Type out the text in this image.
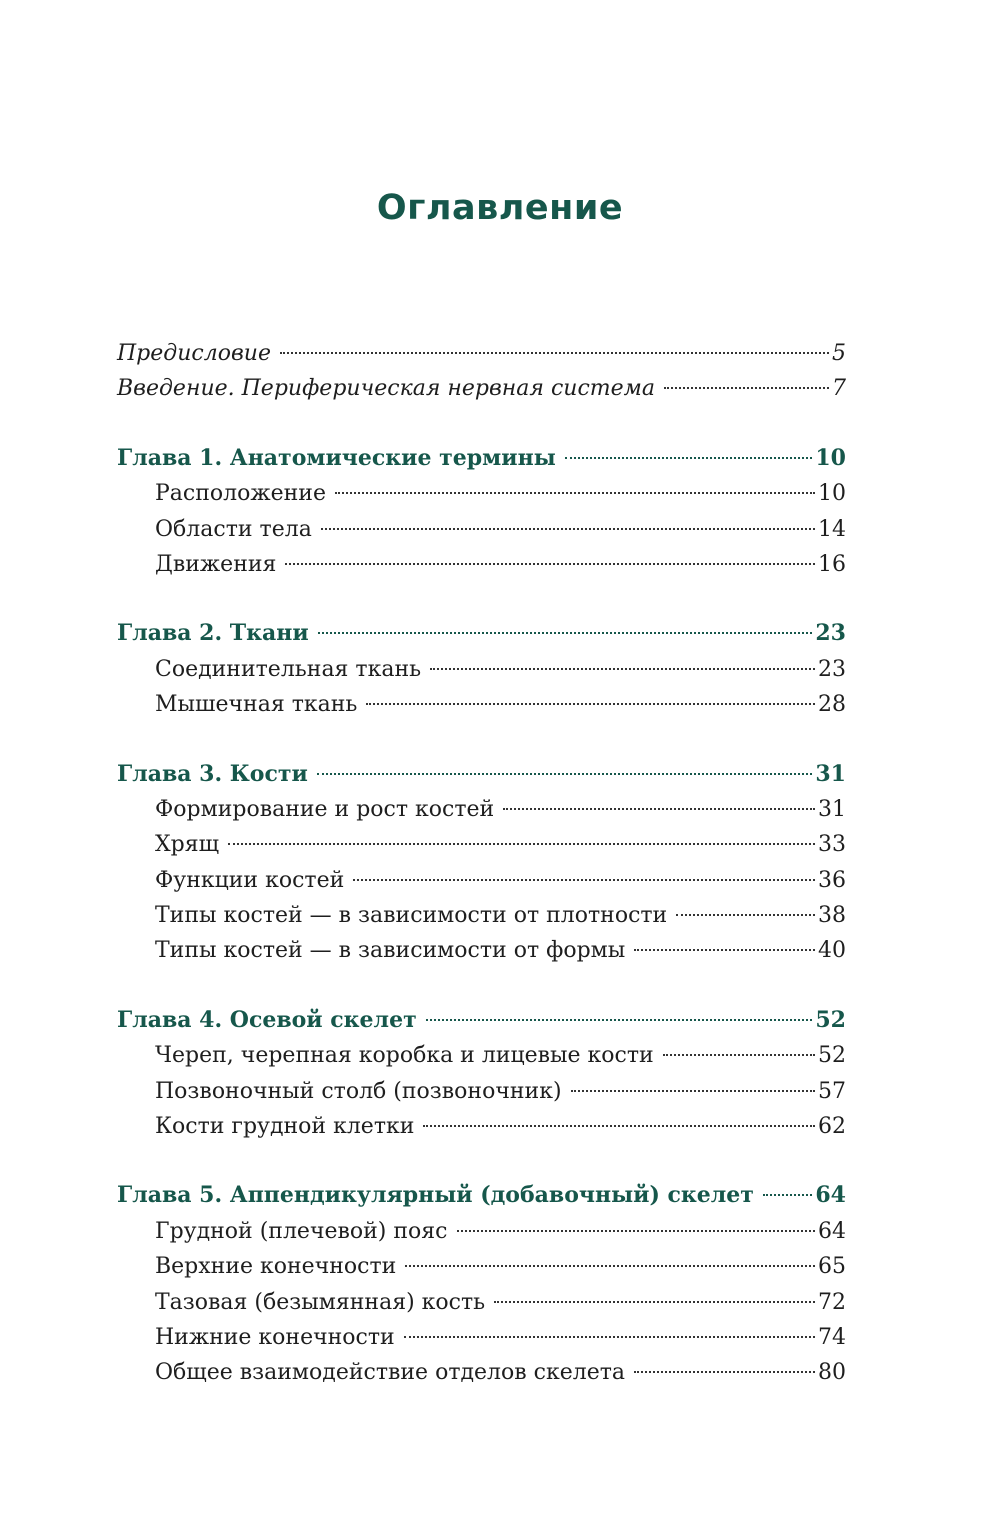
Оглавление
Предисловие	5
Введение. Периферическая нервная система	7
Глава 1. Анатомические термины	10
Расположение	10
Области тела	14
Движения	16
Глава 2. Ткани	23
Соединительная ткань	23
Мышечная ткань	28
Глава 3. Кости	31
Формирование и рост костей	31
Хрящ	33
Функции костей	36
Типы костей — в зависимости от плотности	38
Типы костей — в зависимости от формы	40
Глава 4. Осевой скелет	52
Череп, черепная коробка и лицевые кости	52
Позвоночный столб (позвоночник)	57
Кости грудной клетки	62
Глава 5. Аппендикулярный (добавочный) скелет	64
Грудной (плечевой) пояс	64
Верхние конечности	65
Тазовая (безымянная) кость	72
Нижние конечности	74
Общее взаимодействие отделов скелета	80
